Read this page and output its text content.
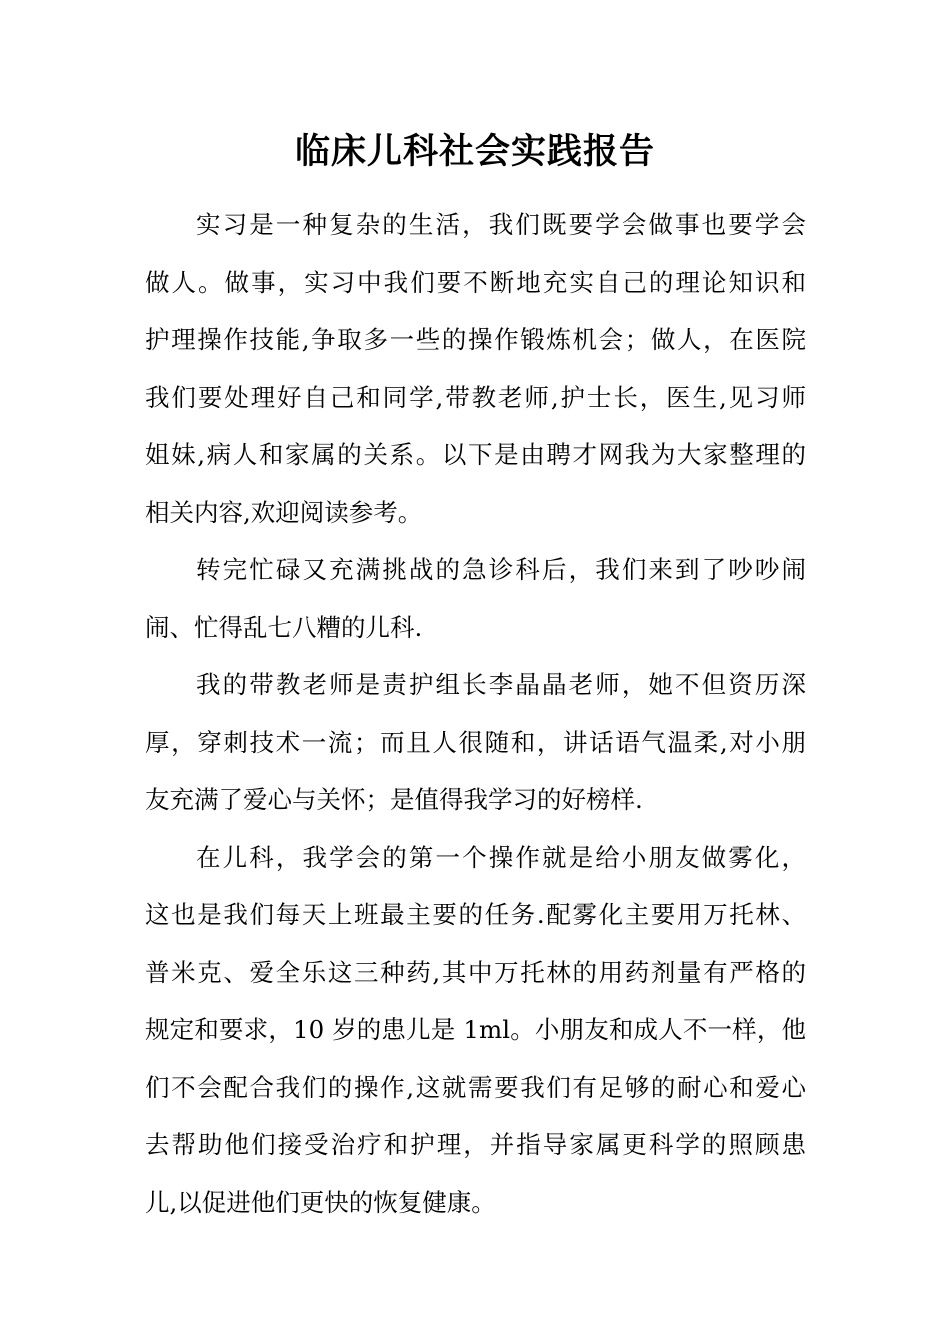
临床儿科社会实践报告
实习是一种复杂的生活，我们既要学会做事也要学会
做人。做事，实习中我们要不断地充实自己的理论知识和
护理操作技能,争取多一些的操作锻炼机会；做人，在医院
我们要处理好自己和同学,带教老师,护士长，医生,见习师
姐妹,病人和家属的关系。以下是由聘才网我为大家整理的
相关内容,欢迎阅读参考。
转完忙碌又充满挑战的急诊科后，我们来到了吵吵闹
闹、忙得乱七八糟的儿科.
我的带教老师是责护组长李晶晶老师，她不但资历深
厚，穿刺技术一流；而且人很随和，讲话语气温柔,对小朋
友充满了爱心与关怀；是值得我学习的好榜样.
在儿科，我学会的第一个操作就是给小朋友做雾化，
这也是我们每天上班最主要的任务.配雾化主要用万托林、
普米克、爱全乐这三种药,其中万托林的用药剂量有严格的
规定和要求，10 岁的患儿是 1ml。小朋友和成人不一样，他
们不会配合我们的操作,这就需要我们有足够的耐心和爱心
去帮助他们接受治疗和护理，并指导家属更科学的照顾患
儿,以促进他们更快的恢复健康。
